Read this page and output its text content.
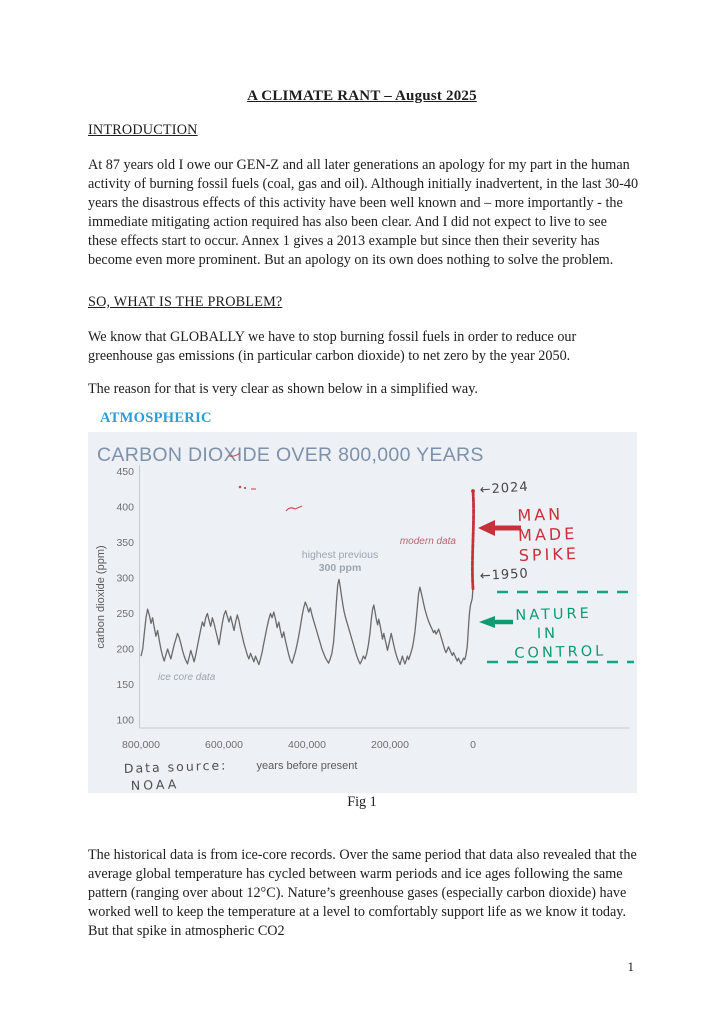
A CLIMATE RANT – August 2025
INTRODUCTION
At 87 years old I owe our GEN-Z and all later generations an apology for my part in the human activity of burning fossil fuels (coal, gas and oil). Although initially inadvertent, in the last 30-40 years the disastrous effects of this activity have been well known and – more importantly - the immediate mitigating action required has also been clear. And I did not expect to live to see these effects start to occur. Annex 1 gives a 2013 example but since then their severity has become even more prominent. But an apology on its own does nothing to solve the problem.
SO, WHAT IS THE PROBLEM?
We know that GLOBALLY we have to stop burning fossil fuels in order to reduce our greenhouse gas emissions (in particular carbon dioxide) to net zero by the year 2050.
The reason for that is very clear as shown below in a simplified way.
ATMOSPHERIC
CARBON DIOXIDE OVER 800,000 YEARS
450
400
350
300
250
200
150
100
carbon dioxide (ppm)
800,000	600,000	400,000	200,000	0
years before present
highest previous
300 ppm
ice core data
modern data
←2024
←1950
MAN
MADE
SPIKE
NATURE
IN
CONTROL
Data source:
NOAA
Fig 1
The historical data is from ice-core records. Over the same period that data also revealed that the average global temperature has cycled between warm periods and ice ages following the same pattern (ranging over about 12°C). Nature’s greenhouse gases (especially carbon dioxide) have worked well to keep the temperature at a level to comfortably support life as we know it today. But that spike in atmospheric CO2
1
